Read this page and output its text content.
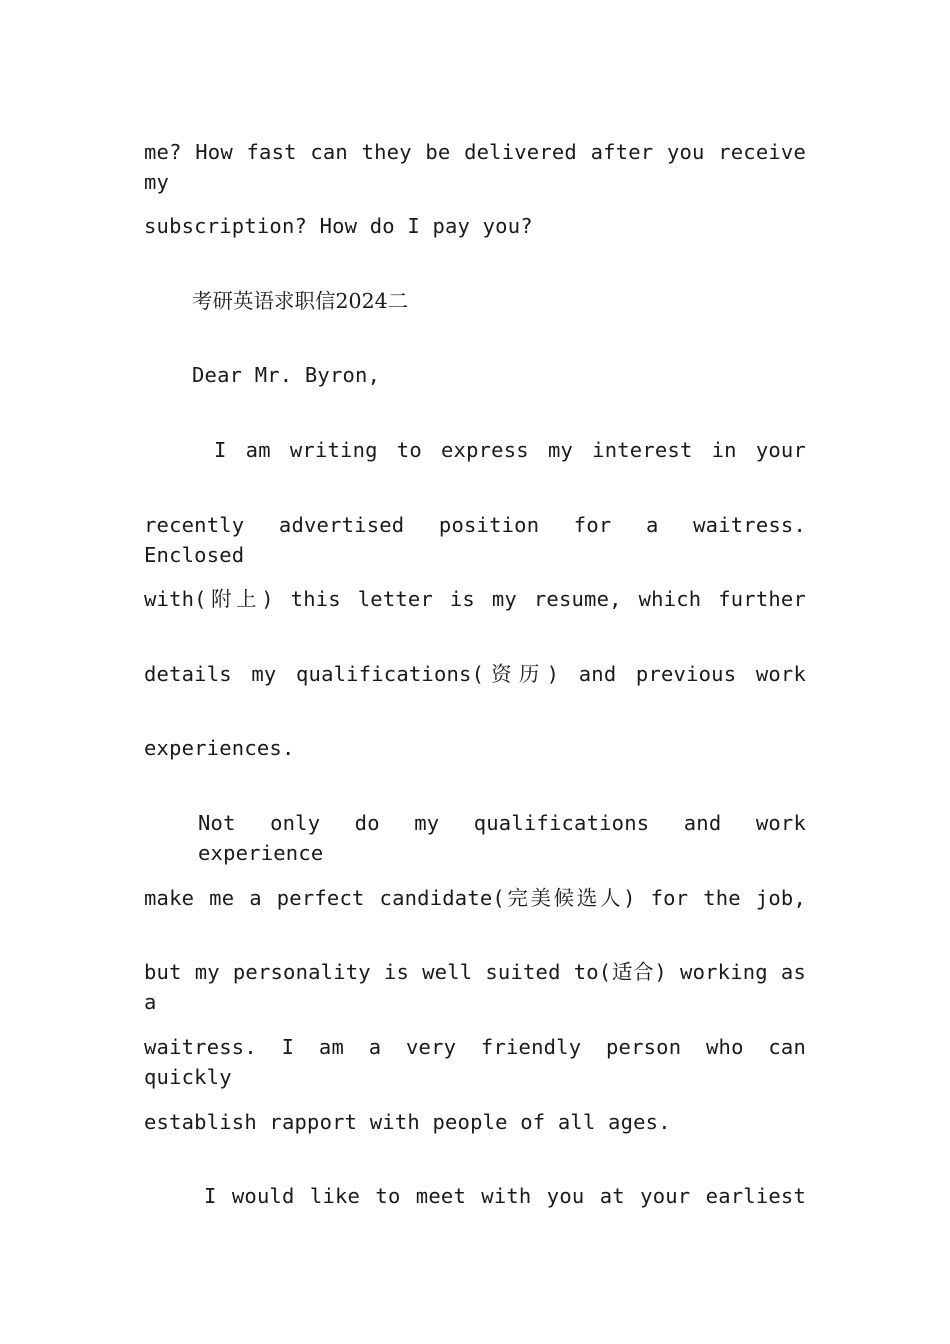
me? How fast can they be delivered after you receive my
subscription? How do I pay you?
考研英语求职信2024二
Dear Mr. Byron,
I am writing to express my interest in your
recently advertised position for a waitress. Enclosed
with(附上) this letter is my resume, which further
details my qualifications(资历) and previous work
experiences.
Not only do my qualifications and work experience
make me a perfect candidate(完美候选人) for the job,
but my personality is well suited to(适合) working as a
waitress. I am a very friendly person who can quickly
establish rapport with people of all ages.
I would like to meet with you at your earliest
